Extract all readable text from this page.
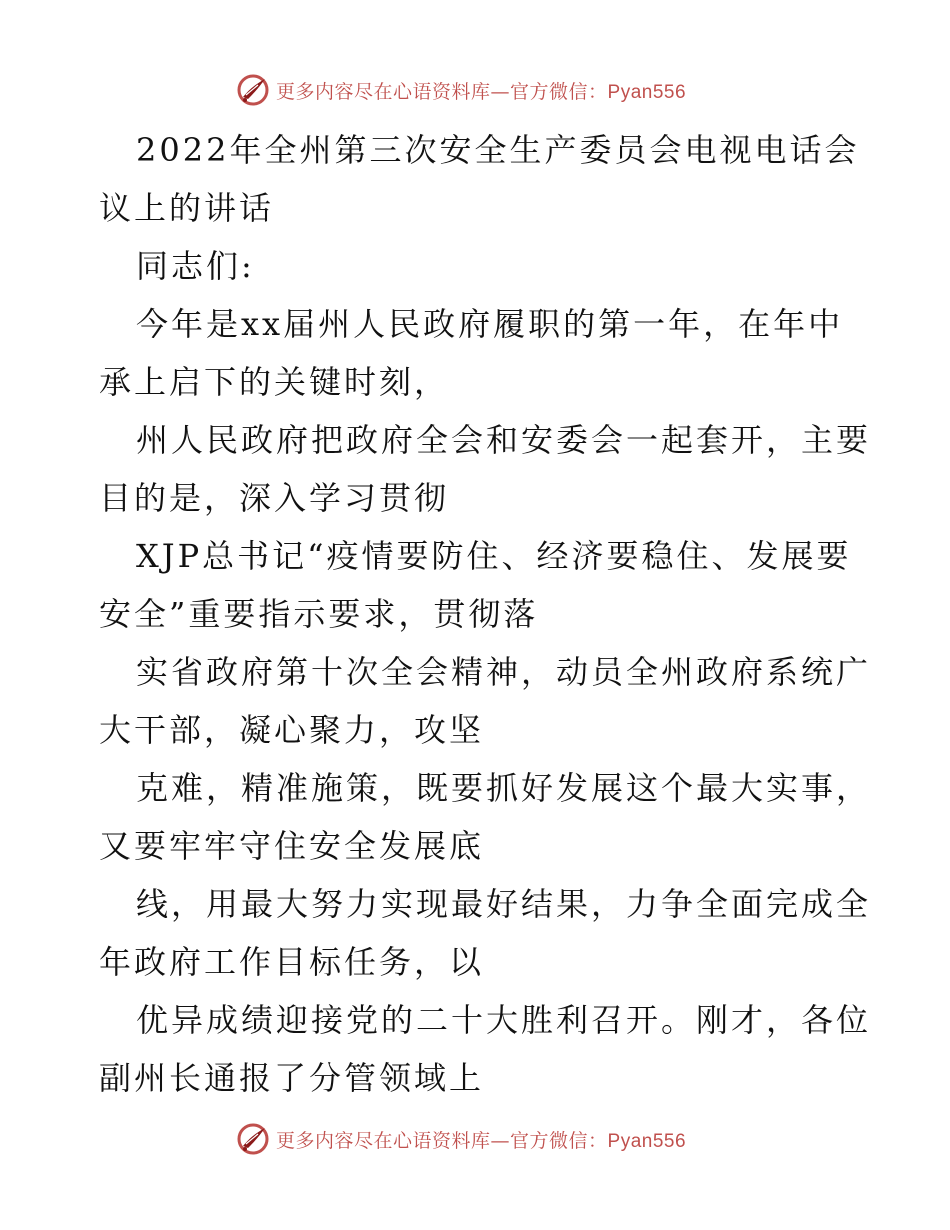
更多内容尽在心语资料库—官方微信：Pyan556
2022年全州第三次安全生产委员会电视电话会
议上的讲话
同志们:
今年是xx届州人民政府履职的第一年，在年中
承上启下的关键时刻，
州人民政府把政府全会和安委会一起套开，主要
目的是，深入学习贯彻
XJP总书记“疫情要防住、经济要稳住、发展要
安全”重要指示要求，贯彻落
实省政府第十次全会精神，动员全州政府系统广
大干部，凝心聚力，攻坚
克难，精准施策，既要抓好发展这个最大实事，
又要牢牢守住安全发展底
线，用最大努力实现最好结果，力争全面完成全
年政府工作目标任务，以
优异成绩迎接党的二十大胜利召开。刚才，各位
副州长通报了分管领域上
更多内容尽在心语资料库—官方微信：Pyan556
